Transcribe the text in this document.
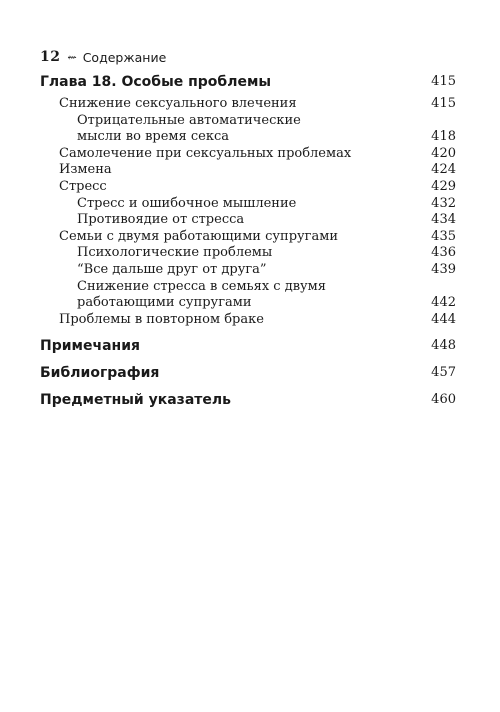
12 ⇜ Содержание
Глава 18. Особые проблемы	415
Снижение сексуального влечения	415
Отрицательные автоматические
мысли во время секса	418
Самолечение при сексуальных проблемах	420
Измена	424
Стресс	429
Стресс и ошибочное мышление	432
Противоядие от стресса	434
Семьи с двумя работающими супругами	435
Психологические проблемы	436
“Все дальше друг от друга”	439
Снижение стресса в семьях с двумя
работающими супругами	442
Проблемы в повторном браке	444
Примечания	448
Библиография	457
Предметный указатель	460
